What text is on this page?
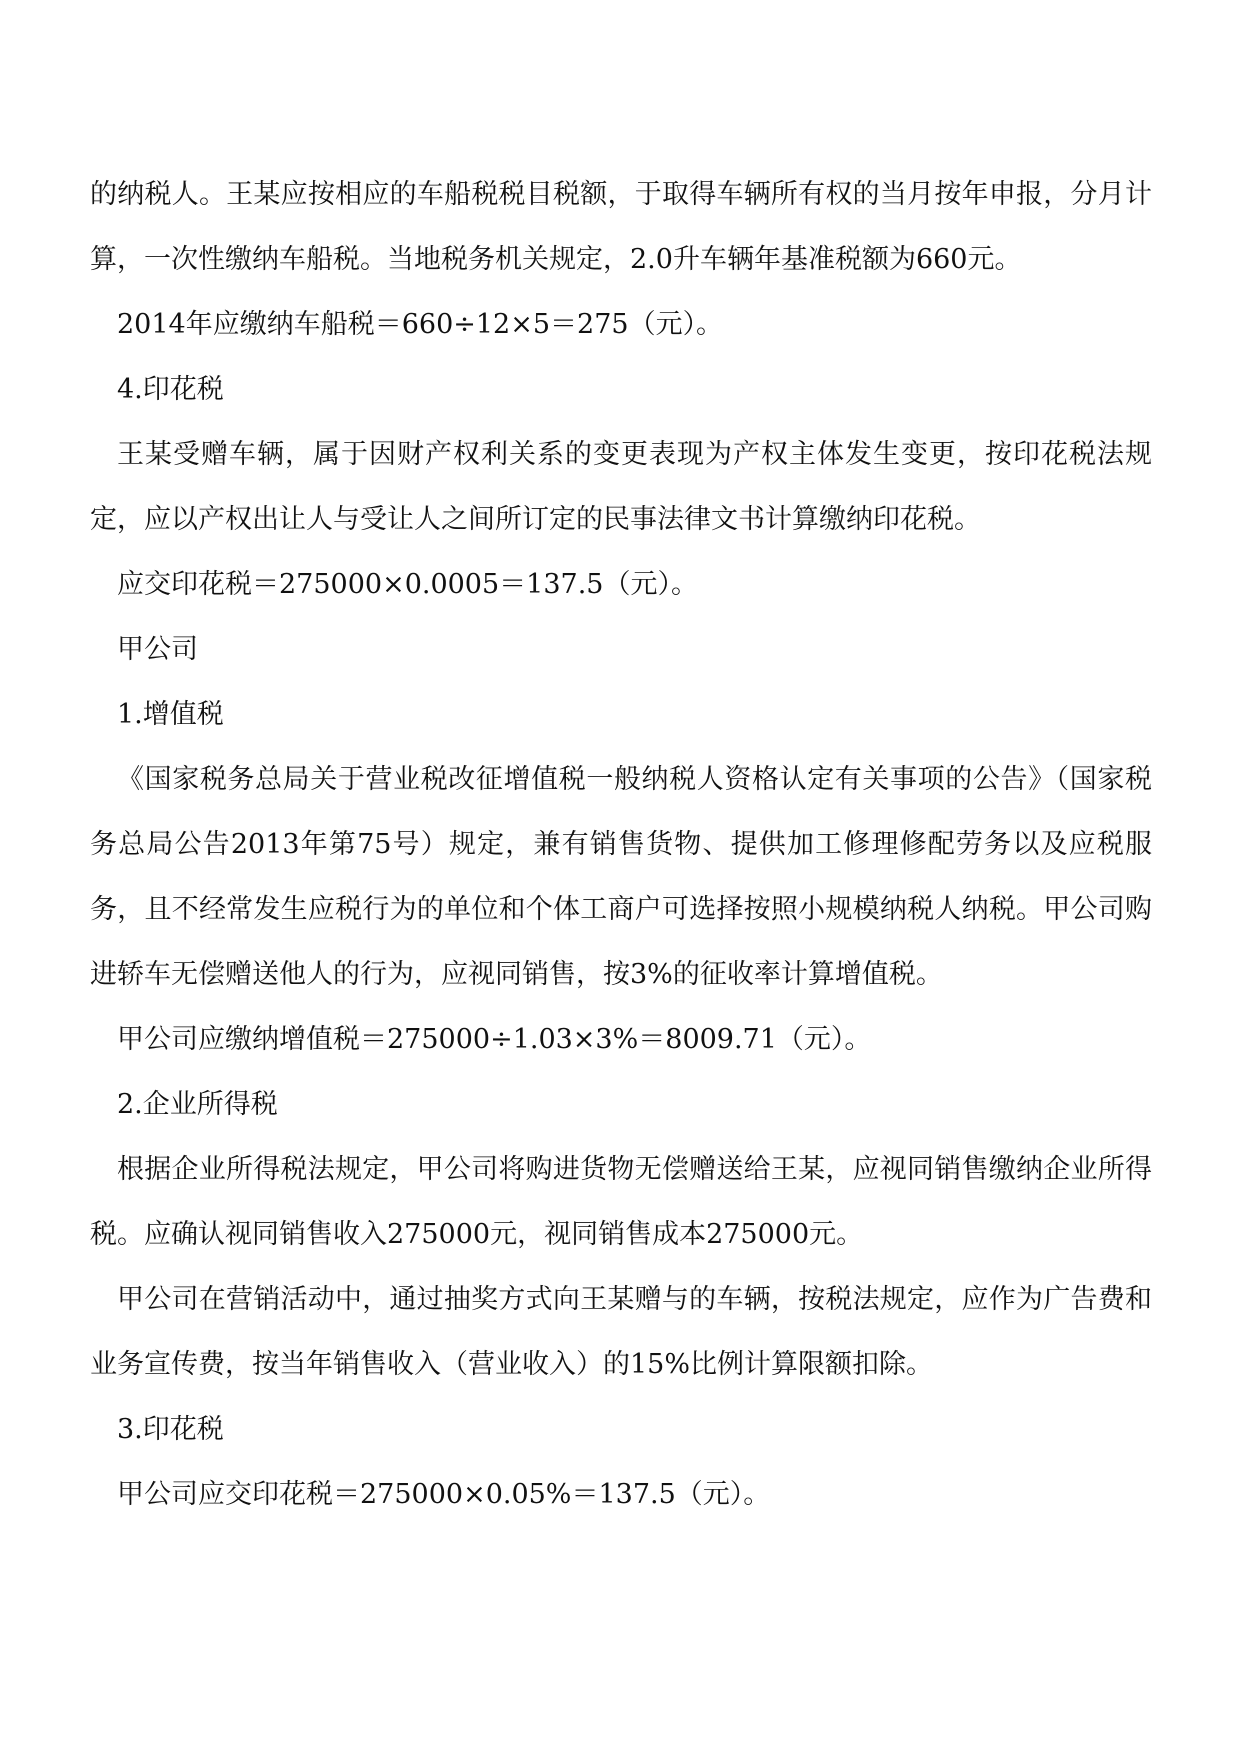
的纳税人。王某应按相应的车船税税目税额，于取得车辆所有权的当月按年申报，分月计算，一次性缴纳车船税。当地税务机关规定，2.0升车辆年基准税额为660元。

2014年应缴纳车船税＝660÷12×5＝275（元）。

4.印花税

王某受赠车辆，属于因财产权利关系的变更表现为产权主体发生变更，按印花税法规定，应以产权出让人与受让人之间所订定的民事法律文书计算缴纳印花税。

应交印花税＝275000×0.0005＝137.5（元）。

甲公司

1.增值税

《国家税务总局关于营业税改征增值税一般纳税人资格认定有关事项的公告》（国家税务总局公告2013年第75号）规定，兼有销售货物、提供加工修理修配劳务以及应税服务，且不经常发生应税行为的单位和个体工商户可选择按照小规模纳税人纳税。甲公司购进轿车无偿赠送他人的行为，应视同销售，按3%的征收率计算增值税。

甲公司应缴纳增值税＝275000÷1.03×3%＝8009.71（元）。

2.企业所得税

根据企业所得税法规定，甲公司将购进货物无偿赠送给王某，应视同销售缴纳企业所得税。应确认视同销售收入275000元，视同销售成本275000元。

甲公司在营销活动中，通过抽奖方式向王某赠与的车辆，按税法规定，应作为广告费和业务宣传费，按当年销售收入（营业收入）的15%比例计算限额扣除。

3.印花税

甲公司应交印花税＝275000×0.05%＝137.5（元）。
